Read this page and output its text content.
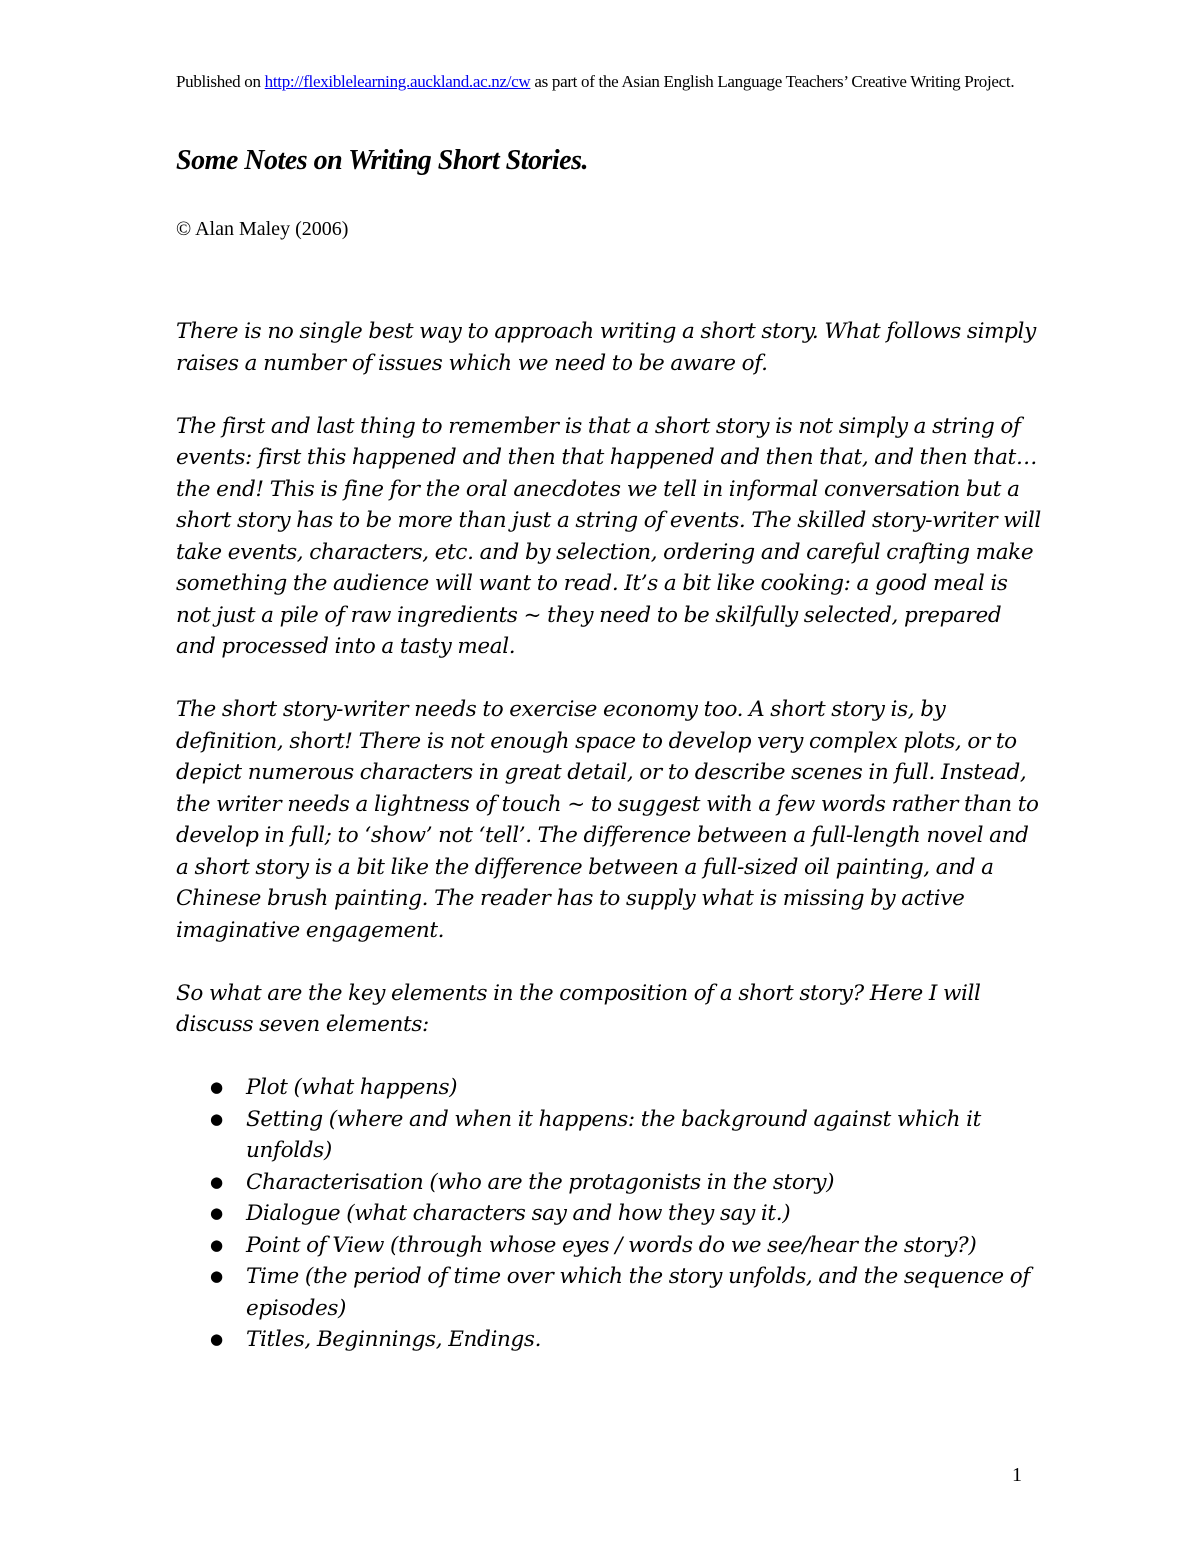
Published on http://flexiblelearning.auckland.ac.nz/cw as part of the Asian English Language Teachers’ Creative Writing Project.
Some Notes on Writing Short Stories.

© Alan Maley (2006)

There is no single best way to approach writing a short story. What follows simply raises a number of issues which we need to be aware of.

The first and last thing to remember is that a short story is not simply a string of events: first this happened and then that happened and then that, and then that…the end! This is fine for the oral anecdotes we tell in informal conversation but a short story has to be more than just a string of events. The skilled story-writer will take events, characters, etc. and by selection, ordering and careful crafting make something the audience will want to read. It’s a bit like cooking: a good meal is not just a pile of raw ingredients ~ they need to be skilfully selected, prepared and processed into a tasty meal.

The short story-writer needs to exercise economy too. A short story is, by definition, short! There is not enough space to develop very complex plots, or to depict numerous characters in great detail, or to describe scenes in full. Instead, the writer needs a lightness of touch ~ to suggest with a few words rather than to develop in full; to ‘show’ not ‘tell’. The difference between a full-length novel and a short story is a bit like the difference between a full-sized oil painting, and a Chinese brush painting. The reader has to supply what is missing by active imaginative engagement.

So what are the key elements in the composition of a short story? Here I will discuss seven elements:

● Plot (what happens)
● Setting (where and when it happens: the background against which it unfolds)
● Characterisation (who are the protagonists in the story)
● Dialogue (what characters say and how they say it.)
● Point of View (through whose eyes / words do we see/hear the story?)
● Time (the period of time over which the story unfolds, and the sequence of episodes)
● Titles, Beginnings, Endings.

1
